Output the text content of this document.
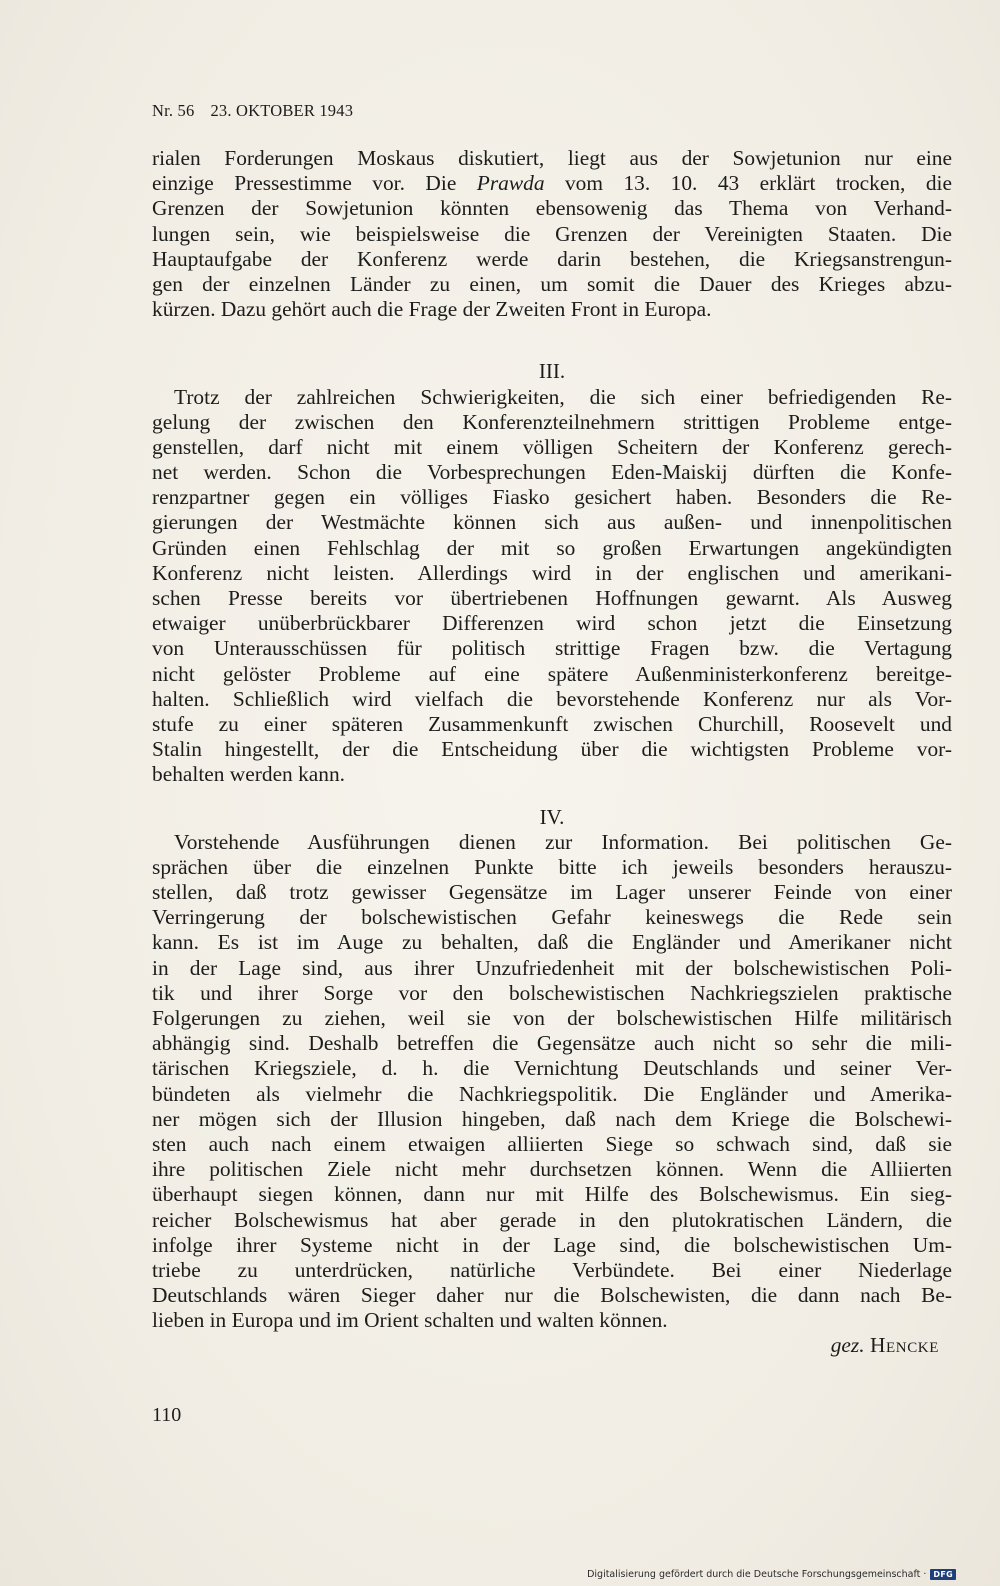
Nr. 56 23. OKTOBER 1943
rialen Forderungen Moskaus diskutiert, liegt aus der Sowjetunion nur eine
einzige Pressestimme vor. Die Prawda vom 13. 10. 43 erklärt trocken, die
Grenzen der Sowjetunion könnten ebensowenig das Thema von Verhand-
lungen sein, wie beispielsweise die Grenzen der Vereinigten Staaten. Die
Hauptaufgabe der Konferenz werde darin bestehen, die Kriegsanstrengun-
gen der einzelnen Länder zu einen, um somit die Dauer des Krieges abzu-
kürzen. Dazu gehört auch die Frage der Zweiten Front in Europa.
III.
Trotz der zahlreichen Schwierigkeiten, die sich einer befriedigenden Re-
gelung der zwischen den Konferenzteilnehmern strittigen Probleme entge-
genstellen, darf nicht mit einem völligen Scheitern der Konferenz gerech-
net werden. Schon die Vorbesprechungen Eden-Maiskij dürften die Konfe-
renzpartner gegen ein völliges Fiasko gesichert haben. Besonders die Re-
gierungen der Westmächte können sich aus außen- und innenpolitischen
Gründen einen Fehlschlag der mit so großen Erwartungen angekündigten
Konferenz nicht leisten. Allerdings wird in der englischen und amerikani-
schen Presse bereits vor übertriebenen Hoffnungen gewarnt. Als Ausweg
etwaiger unüberbrückbarer Differenzen wird schon jetzt die Einsetzung
von Unterausschüssen für politisch strittige Fragen bzw. die Vertagung
nicht gelöster Probleme auf eine spätere Außenministerkonferenz bereitge-
halten. Schließlich wird vielfach die bevorstehende Konferenz nur als Vor-
stufe zu einer späteren Zusammenkunft zwischen Churchill, Roosevelt und
Stalin hingestellt, der die Entscheidung über die wichtigsten Probleme vor-
behalten werden kann.
IV.
Vorstehende Ausführungen dienen zur Information. Bei politischen Ge-
sprächen über die einzelnen Punkte bitte ich jeweils besonders herauszu-
stellen, daß trotz gewisser Gegensätze im Lager unserer Feinde von einer
Verringerung der bolschewistischen Gefahr keineswegs die Rede sein
kann. Es ist im Auge zu behalten, daß die Engländer und Amerikaner nicht
in der Lage sind, aus ihrer Unzufriedenheit mit der bolschewistischen Poli-
tik und ihrer Sorge vor den bolschewistischen Nachkriegszielen praktische
Folgerungen zu ziehen, weil sie von der bolschewistischen Hilfe militärisch
abhängig sind. Deshalb betreffen die Gegensätze auch nicht so sehr die mili-
tärischen Kriegsziele, d. h. die Vernichtung Deutschlands und seiner Ver-
bündeten als vielmehr die Nachkriegspolitik. Die Engländer und Amerika-
ner mögen sich der Illusion hingeben, daß nach dem Kriege die Bolschewi-
sten auch nach einem etwaigen alliierten Siege so schwach sind, daß sie
ihre politischen Ziele nicht mehr durchsetzen können. Wenn die Alliierten
überhaupt siegen können, dann nur mit Hilfe des Bolschewismus. Ein sieg-
reicher Bolschewismus hat aber gerade in den plutokratischen Ländern, die
infolge ihrer Systeme nicht in der Lage sind, die bolschewistischen Um-
triebe zu unterdrücken, natürliche Verbündete. Bei einer Niederlage
Deutschlands wären Sieger daher nur die Bolschewisten, die dann nach Be-
lieben in Europa und im Orient schalten und walten können.
gez. Hencke
110
Digitalisierung gefördert durch die Deutsche Forschungsgemeinschaft · DFG
